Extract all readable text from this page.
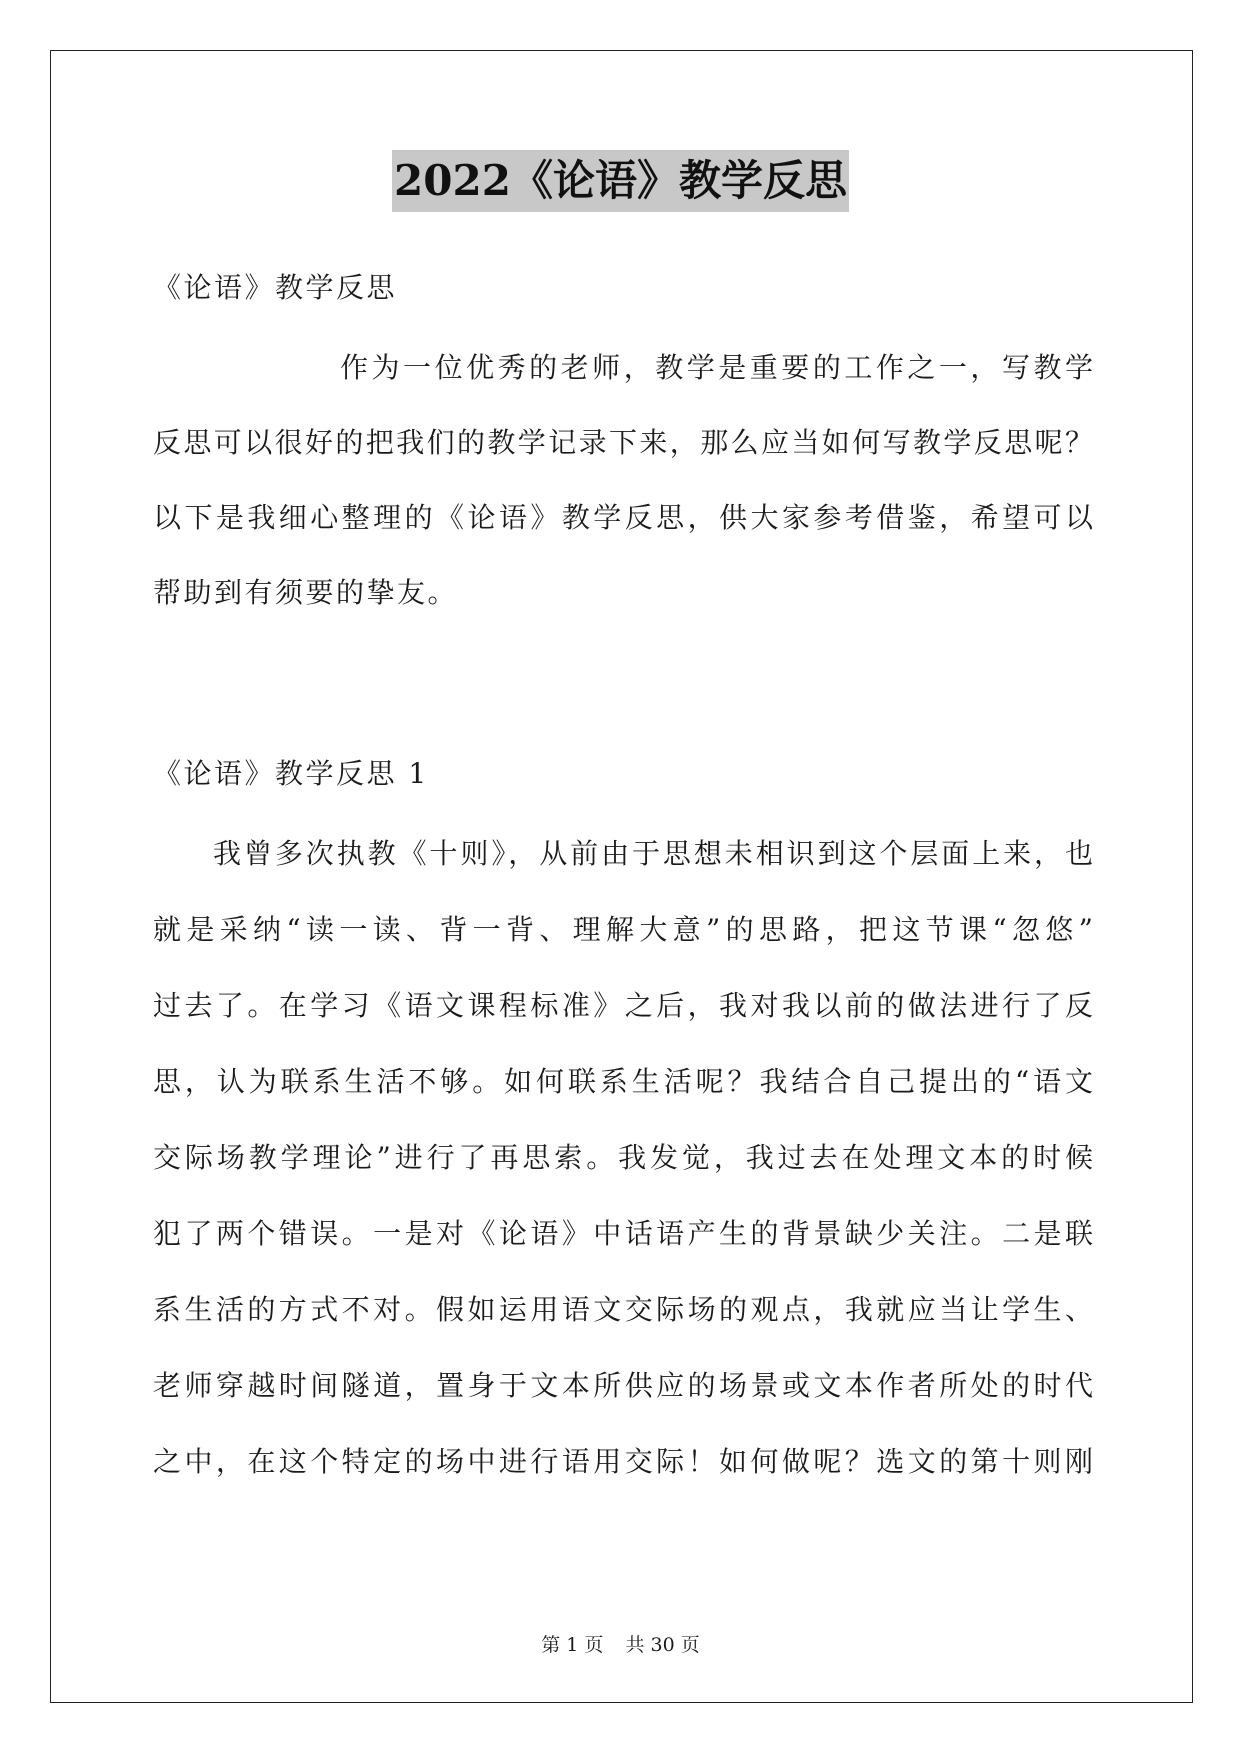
2022《论语》教学反思
《论语》教学反思
作为一位优秀的老师，教学是重要的工作之一，写教学
反思可以很好的把我们的教学记录下来，那么应当如何写教学反思呢？
以下是我细心整理的《论语》教学反思，供大家参考借鉴，希望可以
帮助到有须要的挚友。
《论语》教学反思 1
我曾多次执教《十则》，从前由于思想未相识到这个层面上来，也
就是采纳“读一读、背一背、理解大意”的思路，把这节课“忽悠”
过去了。在学习《语文课程标准》之后，我对我以前的做法进行了反
思，认为联系生活不够。如何联系生活呢？我结合自己提出的“语文
交际场教学理论”进行了再思索。我发觉，我过去在处理文本的时候
犯了两个错误。一是对《论语》中话语产生的背景缺少关注。二是联
系生活的方式不对。假如运用语文交际场的观点，我就应当让学生、
老师穿越时间隧道，置身于文本所供应的场景或文本作者所处的时代
之中，在这个特定的场中进行语用交际！如何做呢？选文的第十则刚
第 1 页 共 30 页
